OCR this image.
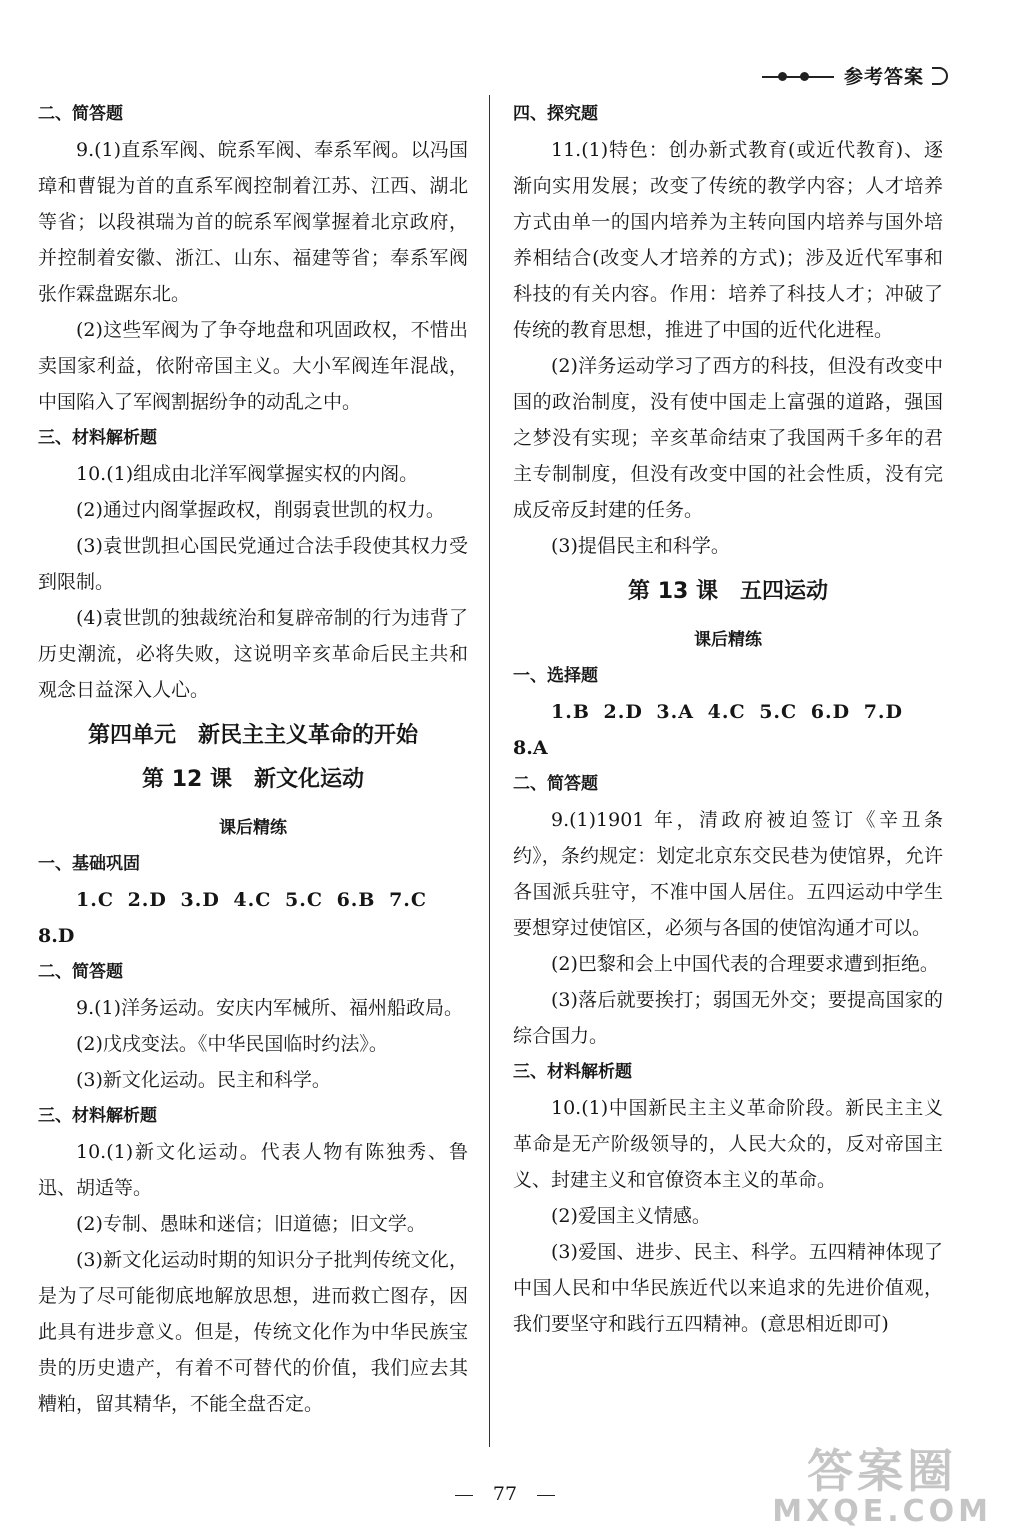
参考答案
二、简答题
9.(1)直系军阀、皖系军阀、奉系军阀。以冯国璋和曹锟为首的直系军阀控制着江苏、江西、湖北等省；以段祺瑞为首的皖系军阀掌握着北京政府，并控制着安徽、浙江、山东、福建等省；奉系军阀张作霖盘踞东北。
(2)这些军阀为了争夺地盘和巩固政权，不惜出卖国家利益，依附帝国主义。大小军阀连年混战，中国陷入了军阀割据纷争的动乱之中。
三、材料解析题
10.(1)组成由北洋军阀掌握实权的内阁。
(2)通过内阁掌握政权，削弱袁世凯的权力。
(3)袁世凯担心国民党通过合法手段使其权力受到限制。
(4)袁世凯的独裁统治和复辟帝制的行为违背了历史潮流，必将失败，这说明辛亥革命后民主共和观念日益深入人心。
第四单元　新民主主义革命的开始
第 12 课　新文化运动
课后精练
一、基础巩固
1.C 2.D 3.D 4.C 5.C 6.B 7.C
8.D
二、简答题
9.(1)洋务运动。安庆内军械所、福州船政局。
(2)戊戌变法。《中华民国临时约法》。
(3)新文化运动。民主和科学。
三、材料解析题
10.(1)新文化运动。代表人物有陈独秀、鲁迅、胡适等。
(2)专制、愚昧和迷信；旧道德；旧文学。
(3)新文化运动时期的知识分子批判传统文化，是为了尽可能彻底地解放思想，进而救亡图存，因此具有进步意义。但是，传统文化作为中华民族宝贵的历史遗产，有着不可替代的价值，我们应去其糟粕，留其精华，不能全盘否定。
四、探究题
11.(1)特色：创办新式教育(或近代教育)、逐渐向实用发展；改变了传统的教学内容；人才培养方式由单一的国内培养为主转向国内培养与国外培养相结合(改变人才培养的方式)；涉及近代军事和科技的有关内容。作用：培养了科技人才；冲破了传统的教育思想，推进了中国的近代化进程。
(2)洋务运动学习了西方的科技，但没有改变中国的政治制度，没有使中国走上富强的道路，强国之梦没有实现；辛亥革命结束了我国两千多年的君主专制制度，但没有改变中国的社会性质，没有完成反帝反封建的任务。
(3)提倡民主和科学。
第 13 课　五四运动
课后精练
一、选择题
1.B 2.D 3.A 4.C 5.C 6.D 7.D
8.A
二、简答题
9.(1)1901 年，清政府被迫签订《辛丑条约》，条约规定：划定北京东交民巷为使馆界，允许各国派兵驻守，不准中国人居住。五四运动中学生要想穿过使馆区，必须与各国的使馆沟通才可以。
(2)巴黎和会上中国代表的合理要求遭到拒绝。
(3)落后就要挨打；弱国无外交；要提高国家的综合国力。
三、材料解析题
10.(1)中国新民主主义革命阶段。新民主主义革命是无产阶级领导的，人民大众的，反对帝国主义、封建主义和官僚资本主义的革命。
(2)爱国主义情感。
(3)爱国、进步、民主、科学。五四精神体现了中国人民和中华民族近代以来追求的先进价值观，我们要坚守和践行五四精神。(意思相近即可)
77	答案圈
MXQE.COM
